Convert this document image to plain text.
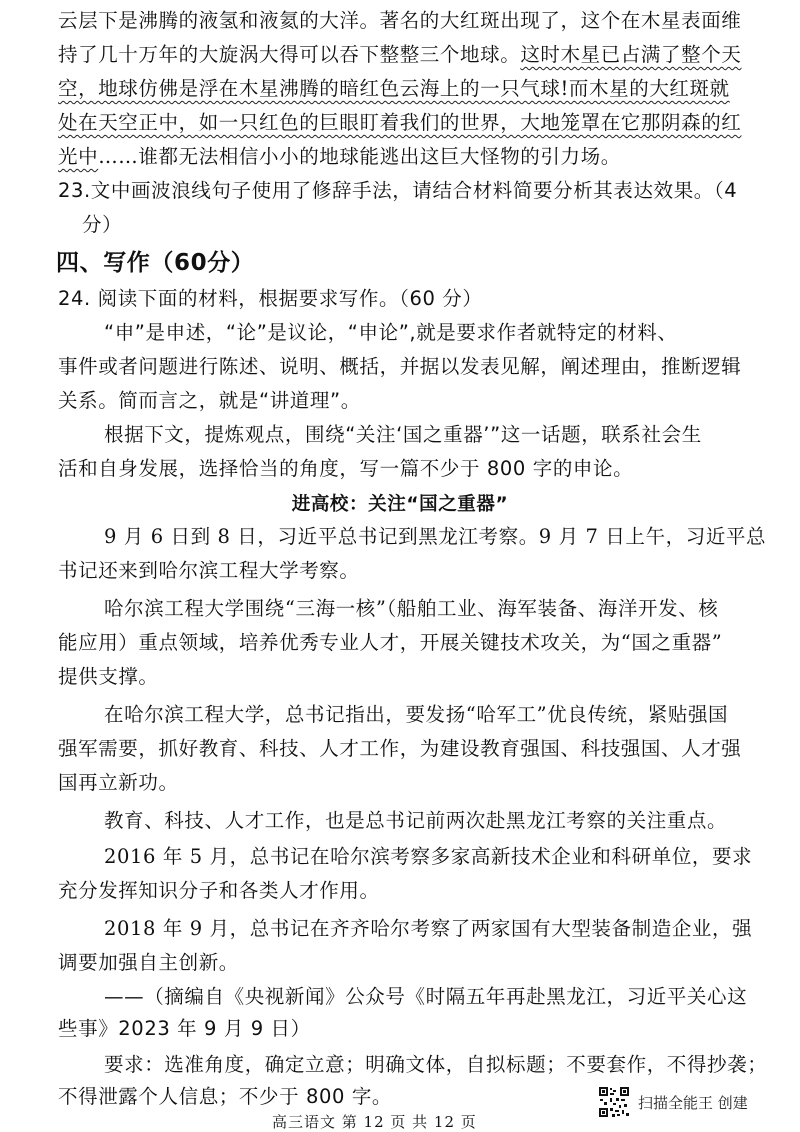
云层下是沸腾的液氢和液氦的大洋。著名的大红斑出现了，这个在木星表面维
持了几十万年的大旋涡大得可以吞下整整三个地球。这时木星已占满了整个天
空，地球仿佛是浮在木星沸腾的暗红色云海上的一只气球!而木星的大红斑就
处在天空正中，如一只红色的巨眼盯着我们的世界，大地笼罩在它那阴森的红
光中……谁都无法相信小小的地球能逃出这巨大怪物的引力场。
23.文中画波浪线句子使用了修辞手法，请结合材料简要分析其表达效果。（4
分）
四、写作（60分）
24. 阅读下面的材料，根据要求写作。（60 分）
“申”是申述，“论”是议论，“申论”,就是要求作者就特定的材料、
事件或者问题进行陈述、说明、概括，并据以发表见解，阐述理由，推断逻辑
关系。简而言之，就是“讲道理”。
根据下文，提炼观点，围绕“关注‘国之重器’”这一话题，联系社会生
活和自身发展，选择恰当的角度，写一篇不少于 800 字的申论。
进高校：关注“国之重器”
9 月 6 日到 8 日，习近平总书记到黑龙江考察。9 月 7 日上午，习近平总
书记还来到哈尔滨工程大学考察。
哈尔滨工程大学围绕“三海一核”（船舶工业、海军装备、海洋开发、核
能应用）重点领域，培养优秀专业人才，开展关键技术攻关，为“国之重器”
提供支撑。
在哈尔滨工程大学，总书记指出，要发扬“哈军工”优良传统，紧贴强国
强军需要，抓好教育、科技、人才工作，为建设教育强国、科技强国、人才强
国再立新功。
教育、科技、人才工作，也是总书记前两次赴黑龙江考察的关注重点。
2016 年 5 月，总书记在哈尔滨考察多家高新技术企业和科研单位，要求
充分发挥知识分子和各类人才作用。
2018 年 9 月，总书记在齐齐哈尔考察了两家国有大型装备制造企业，强
调要加强自主创新。
——（摘编自《央视新闻》公众号《时隔五年再赴黑龙江，习近平关心这
些事》2023 年 9 月 9 日）
要求：选准角度，确定立意；明确文体，自拟标题；不要套作，不得抄袭；
不得泄露个人信息；不少于 800 字。	扫描全能王 创建
高三语文 第 12 页 共 12 页
